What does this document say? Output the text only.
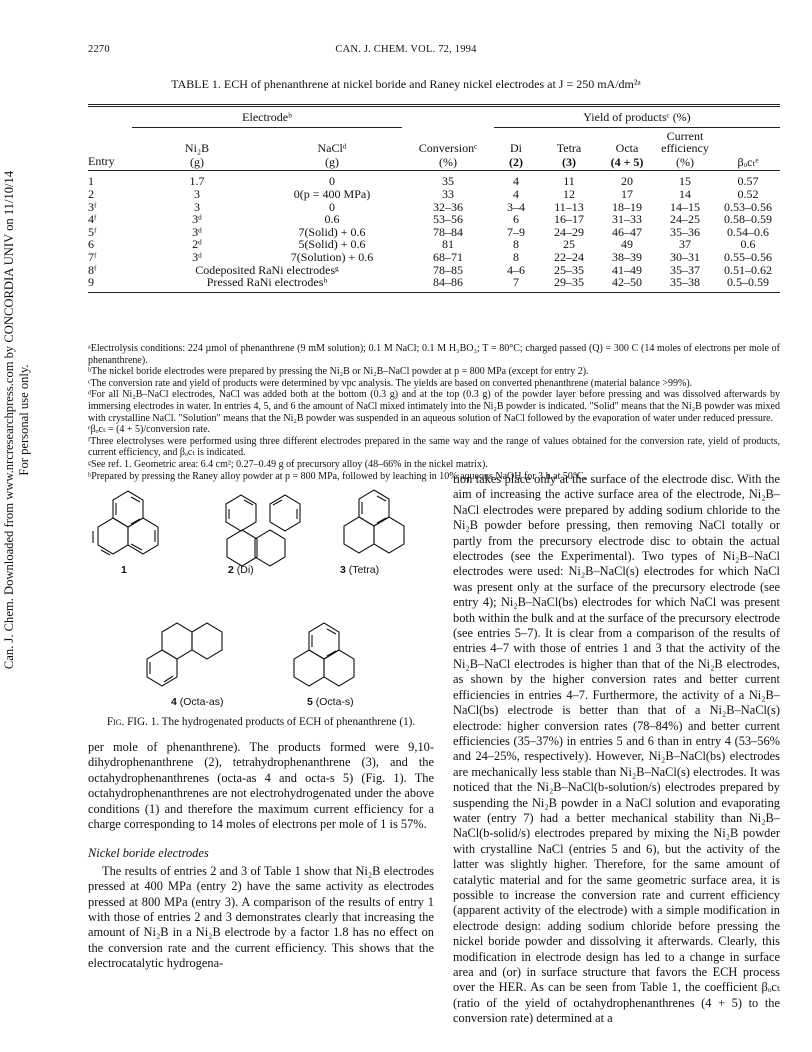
Can. J. Chem. Downloaded from www.nrcresearchpress.com by CONCORDIA UNIV on 11/10/14 For personal use only.
2270	CAN. J. CHEM. VOL. 72, 1994
TABLE 1. ECH of phenanthrene at nickel boride and Raney nickel electrodes at J = 250 mA/dm²ᵃ
	Electrodeᵇ			Yield of productsᶜ (%)				
							Current	
	Ni₂B	NaClᵈ	Conversionᶜ	Di	Tetra	Octa	efficiency	
Entry	(g)	(g)	(%)	(2)	(3)	(4 + 5)	(%)	βₒcₜᵉ
1	1.7	0	35	4	11	20	15	0.57
2	3	0(p = 400 MPa)	33	4	12	17	14	0.52
3ᶠ	3	0	32–36	3–4	11–13	18–19	14–15	0.53–0.56
4ᶠ	3ᵈ	0.6	53–56	6	16–17	31–33	24–25	0.58–0.59
5ᶠ	3ᵈ	7(Solid) + 0.6	78–84	7–9	24–29	46–47	35–36	0.54–0.6
6	2ᵈ	5(Solid) + 0.6	81	8	25	49	37	0.6
7ᶠ	3ᵈ	7(Solution) + 0.6	68–71	8	22–24	38–39	30–31	0.55–0.56
8ᶠ	Codeposited RaNi electrodesᵍ		78–85	4–6	25–35	41–49	35–37	0.51–0.62
9	Pressed RaNi electrodesʰ		84–86	7	29–35	42–50	35–38	0.5–0.59

ᵃElectrolysis conditions: 224 µmol of phenanthrene (9 mM solution); 0.1 M NaCl; 0.1 M H₃BO₃; T = 80°C; charged passed (Q) = 300 C (14 moles of electrons per mole of phenanthrene).

ᵇThe nickel boride electrodes were prepared by pressing the Ni₂B or Ni₂B–NaCl powder at p = 800 MPa (except for entry 2).

ᶜThe conversion rate and yield of products were determined by vpc analysis. The yields are based on converted phenanthrene (material balance >99%).

ᵈFor all Ni₂B–NaCl electrodes, NaCl was added both at the bottom (0.3 g) and at the top (0.3 g) of the powder layer before pressing and was dissolved afterwards by immersing electrodes in water. In entries 4, 5, and 6 the amount of NaCl mixed intimately into the Ni₂B powder is indicated. "Solid" means that the Ni₂B powder was mixed with crystalline NaCl. "Solution" means that the Ni₂B powder was suspended in an aqueous solution of NaCl followed by the evaporation of water under reduced pressure.

ᵉβₒcₜ = (4 + 5)/conversion rate.

ᶠThree electrolyses were performed using three different electrodes prepared in the same way and the range of values obtained for the conversion rate, yield of products, current efficiency, and βₒcₜ is indicated.

ᵍSee ref. 1. Geometric area: 6.4 cm²; 0.27–0.49 g of precursory alloy (48–66% in the nickel matrix).

ʰPrepared by pressing the Raney alloy powder at p = 800 MPa, followed by leaching in 10% aqueous NaOH for 3 h at 50°C.

1	2 (Di)	3 (Tetra)
4 (Octa-as)	5 (Octa-s)
Fig. FIG. 1. The hydrogenated products of ECH of phenanthrene (1).

per mole of phenanthrene). The products formed were 9,10-dihydrophenanthrene (2), tetrahydrophenanthrene (3), and the octahydrophenanthrenes (octa-as 4 and octa-s 5) (Fig. 1). The octahydrophenanthrenes are not electrohydrogenated under the above conditions (1) and therefore the maximum current efficiency for a charge corresponding to 14 moles of electrons per mole of 1 is 57%.

Nickel boride electrodes

The results of entries 2 and 3 of Table 1 show that Ni₂B electrodes pressed at 400 MPa (entry 2) have the same activity as electrodes pressed at 800 MPa (entry 3). A comparison of the results of entry 1 with those of entries 2 and 3 demonstrates clearly that increasing the amount of Ni₂B in a Ni₂B electrode by a factor 1.8 has no effect on the conversion rate and the current efficiency. This shows that the electrocatalytic hydrogena-

tion takes place only at the surface of the electrode disc. With the aim of increasing the active surface area of the electrode, Ni₂B–NaCl electrodes were prepared by adding sodium chloride to the Ni₂B powder before pressing, then removing NaCl totally or partly from the precursory electrode disc to obtain the actual electrodes (see the Experimental). Two types of Ni₂B–NaCl electrodes were used: Ni₂B–NaCl(s) electrodes for which NaCl was present only at the surface of the precursory electrode (see entry 4); Ni₂B–NaCl(bs) electrodes for which NaCl was present both within the bulk and at the surface of the precursory electrode (see entries 5–7). It is clear from a comparison of the results of entries 4–7 with those of entries 1 and 3 that the activity of the Ni₂B–NaCl electrodes is higher than that of the Ni₂B electrodes, as shown by the higher conversion rates and better current efficiencies in entries 4–7. Furthermore, the activity of a Ni₂B–NaCl(bs) electrode is better than that of a Ni₂B–NaCl(s) electrode: higher conversion rates (78–84%) and better current efficiencies (35–37%) in entries 5 and 6 than in entry 4 (53–56% and 24–25%, respectively). However, Ni₂B–NaCl(bs) electrodes are mechanically less stable than Ni₂B–NaCl(s) electrodes. It was noticed that the Ni₂B–NaCl(b-solution/s) electrodes prepared by suspending the Ni₂B powder in a NaCl solution and evaporating water (entry 7) had a better mechanical stability than Ni₂B–NaCl(b-solid/s) electrodes prepared by mixing the Ni₂B powder with crystalline NaCl (entries 5 and 6), but the activity of the latter was slightly higher. Therefore, for the same amount of catalytic material and for the same geometric surface area, it is possible to increase the conversion rate and current efficiency (apparent activity of the electrode) with a simple modification in electrode design: adding sodium chloride before pressing the nickel boride powder and dissolving it afterwards. Clearly, this modification in electrode design has led to a change in surface area and (or) in surface structure that favors the ECH process over the HER. As can be seen from Table 1, the coefficient βₒcₜ (ratio of the yield of octahydrophenanthrenes (4 + 5) to the conversion rate) determined at a
